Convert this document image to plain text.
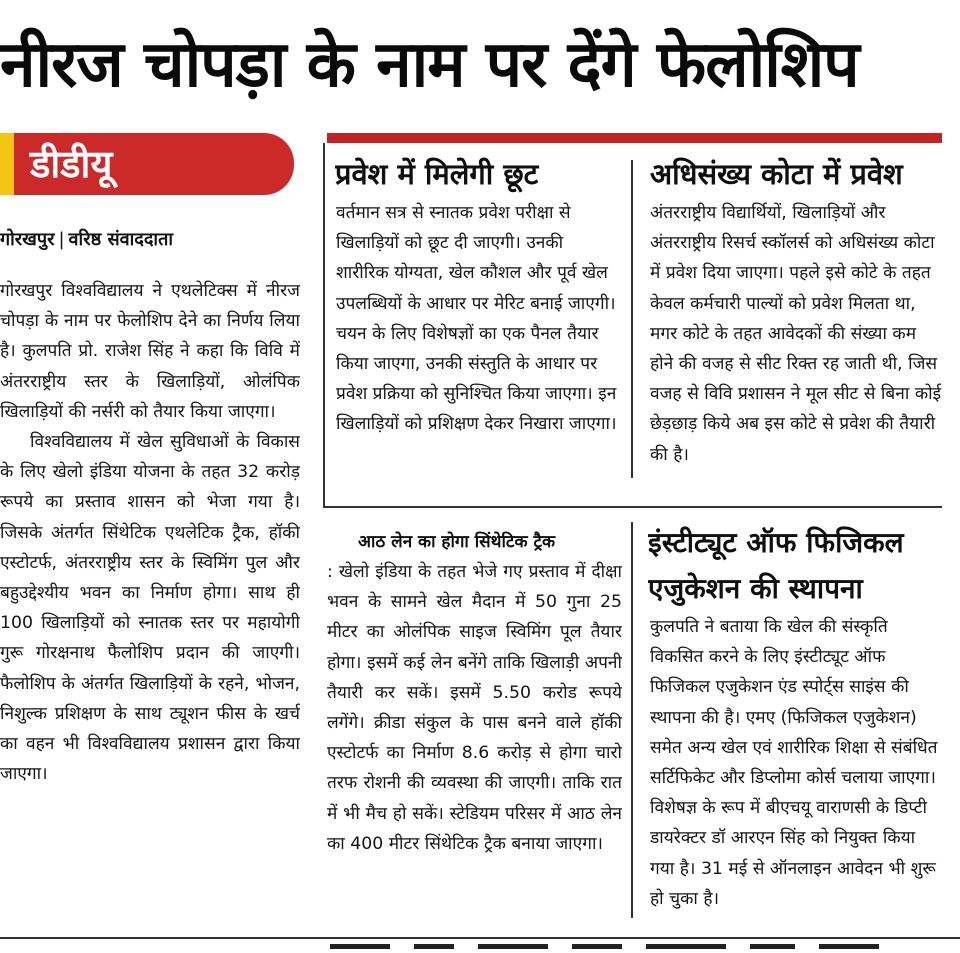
नीरज चोपड़ा के नाम पर देंगे फेलोशिप
डीडीयू
गोरखपुर | वरिष्ठ संवाददाता

गोरखपुर विश्वविद्यालय ने एथलेटिक्स में नीरज चोपड़ा के नाम पर फेलोशिप देने का निर्णय लिया है। कुलपति प्रो. राजेश सिंह ने कहा कि विवि में अंतरराष्ट्रीय स्तर के खिलाड़ियों, ओलंपिक खिलाड़ियों की नर्सरी को तैयार किया जाएगा।

विश्वविद्यालय में खेल सुविधाओं के विकास के लिए खेलो इंडिया योजना के तहत 32 करोड़ रूपये का प्रस्ताव शासन को भेजा गया है। जिसके अंतर्गत सिंथेटिक एथलेटिक ट्रैक, हॉकी एस्टोटर्फ, अंतरराष्ट्रीय स्तर के स्विमिंग पुल और बहुउद्देश्यीय भवन का निर्माण होगा। साथ ही 100 खिलाड़ियों को स्नातक स्तर पर महायोगी गुरू गोरक्षनाथ फैलोशिप प्रदान की जाएगी। फैलोशिप के अंतर्गत खिलाड़ियों के रहने, भोजन, निशुल्क प्रशिक्षण के साथ ट्यूशन फीस के खर्च का वहन भी विश्वविद्यालय प्रशासन द्वारा किया जाएगा।

प्रवेश में मिलेगी छूट
वर्तमान सत्र से स्नातक प्रवेश परीक्षा से खिलाड़ियों को छूट दी जाएगी। उनकी शारीरिक योग्यता, खेल कौशल और पूर्व खेल उपलब्धियों के आधार पर मेरिट बनाई जाएगी। चयन के लिए विशेषज्ञों का एक पैनल तैयार किया जाएगा, उनकी संस्तुति के आधार पर प्रवेश प्रक्रिया को सुनिश्चित किया जाएगा। इन खिलाड़ियों को प्रशिक्षण देकर निखारा जाएगा।
अधिसंख्य कोटा में प्रवेश
अंतरराष्ट्रीय विद्यार्थियों, खिलाड़ियों और अंतरराष्ट्रीय रिसर्च स्कॉलर्स को अधिसंख्य कोटा में प्रवेश दिया जाएगा। पहले इसे कोटे के तहत केवल कर्मचारी पाल्यों को प्रवेश मिलता था, मगर कोटे के तहत आवेदकों की संख्या कम होने की वजह से सीट रिक्त रह जाती थी, जिस वजह से विवि प्रशासन ने मूल सीट से बिना कोई छेड़छाड़ किये अब इस कोटे से प्रवेश की तैयारी की है।
आठ लेन का होगा सिंथेटिक ट्रैक
: खेलो इंडिया के तहत भेजे गए प्रस्ताव में दीक्षा भवन के सामने खेल मैदान में 50 गुना 25 मीटर का ओलंपिक साइज स्विमिंग पूल तैयार होगा। इसमें कई लेन बनेंगे ताकि खिलाड़ी अपनी तैयारी कर सकें। इसमें 5.50 करोड रूपये लगेंगे। क्रीडा संकुल के पास बनने वाले हॉकी एस्टोटर्फ का निर्माण 8.6 करोड़ से होगा चारो तरफ रोशनी की व्यवस्था की जाएगी। ताकि रात में भी मैच हो सकें। स्टेडियम परिसर में आठ लेन का 400 मीटर सिंथेटिक ट्रैक बनाया जाएगा।
इंस्टीट्यूट ऑफ फिजिकल एजुकेशन की स्थापना
कुलपति ने बताया कि खेल की संस्कृति विकसित करने के लिए इंस्टीट्यूट ऑफ फिजिकल एजुकेशन एंड स्पोर्ट्स साइंस की स्थापना की है। एमए (फिजिकल एजुकेशन) समेत अन्य खेल एवं शारीरिक शिक्षा से संबंधित सर्टिफिकेट और डिप्लोमा कोर्स चलाया जाएगा। विशेषज्ञ के रूप में बीएचयू वाराणसी के डिप्टी डायरेक्टर डॉ आरएन सिंह को नियुक्त किया गया है। 31 मई से ऑनलाइन आवेदन भी शुरू हो चुका है।
